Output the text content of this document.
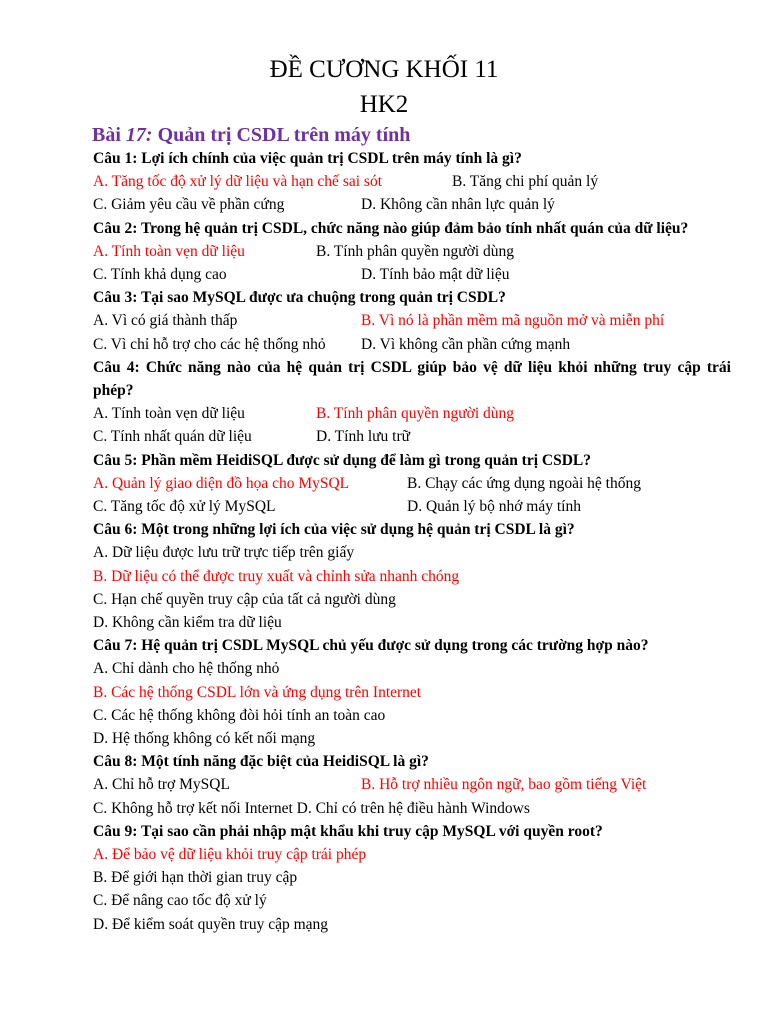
ĐỀ CƯƠNG KHỐI 11
HK2
Bài 17: Quản trị CSDL trên máy tính

Câu 1: Lợi ích chính của việc quản trị CSDL trên máy tính là gì?

A. Tăng tốc độ xử lý dữ liệu và hạn chế sai sót	B. Tăng chi phí quản lý
C. Giảm yêu cầu về phần cứng	D. Không cần nhân lực quản lý

Câu 2: Trong hệ quản trị CSDL, chức năng nào giúp đảm bảo tính nhất quán của dữ liệu?

A. Tính toàn vẹn dữ liệu	B. Tính phân quyền người dùng
C. Tính khả dụng cao	D. Tính bảo mật dữ liệu

Câu 3: Tại sao MySQL được ưa chuộng trong quản trị CSDL?

A. Vì có giá thành thấp	B. Vì nó là phần mềm mã nguồn mở và miễn phí
C. Vì chỉ hỗ trợ cho các hệ thống nhỏ D. Vì không cần phần cứng mạnh

Câu 4: Chức năng nào của hệ quản trị CSDL giúp bảo vệ dữ liệu khỏi những truy cập trái phép?

A. Tính toàn vẹn dữ liệu	B. Tính phân quyền người dùng
C. Tính nhất quán dữ liệu	D. Tính lưu trữ

Câu 5: Phần mềm HeidiSQL được sử dụng để làm gì trong quản trị CSDL?

A. Quản lý giao diện đồ họa cho MySQL	B. Chạy các ứng dụng ngoài hệ thống
C. Tăng tốc độ xử lý MySQL	D. Quản lý bộ nhớ máy tính

Câu 6: Một trong những lợi ích của việc sử dụng hệ quản trị CSDL là gì?

A. Dữ liệu được lưu trữ trực tiếp trên giấy
B. Dữ liệu có thể được truy xuất và chỉnh sửa nhanh chóng
C. Hạn chế quyền truy cập của tất cả người dùng
D. Không cần kiểm tra dữ liệu

Câu 7: Hệ quản trị CSDL MySQL chủ yếu được sử dụng trong các trường hợp nào?

A. Chỉ dành cho hệ thống nhỏ
B. Các hệ thống CSDL lớn và ứng dụng trên Internet
C. Các hệ thống không đòi hỏi tính an toàn cao
D. Hệ thống không có kết nối mạng

Câu 8: Một tính năng đặc biệt của HeidiSQL là gì?

A. Chỉ hỗ trợ MySQL	B. Hỗ trợ nhiều ngôn ngữ, bao gồm tiếng Việt
C. Không hỗ trợ kết nối Internet D. Chỉ có trên hệ điều hành Windows

Câu 9: Tại sao cần phải nhập mật khẩu khi truy cập MySQL với quyền root?

A. Để bảo vệ dữ liệu khỏi truy cập trái phép
B. Để giới hạn thời gian truy cập
C. Để nâng cao tốc độ xử lý
D. Để kiểm soát quyền truy cập mạng
